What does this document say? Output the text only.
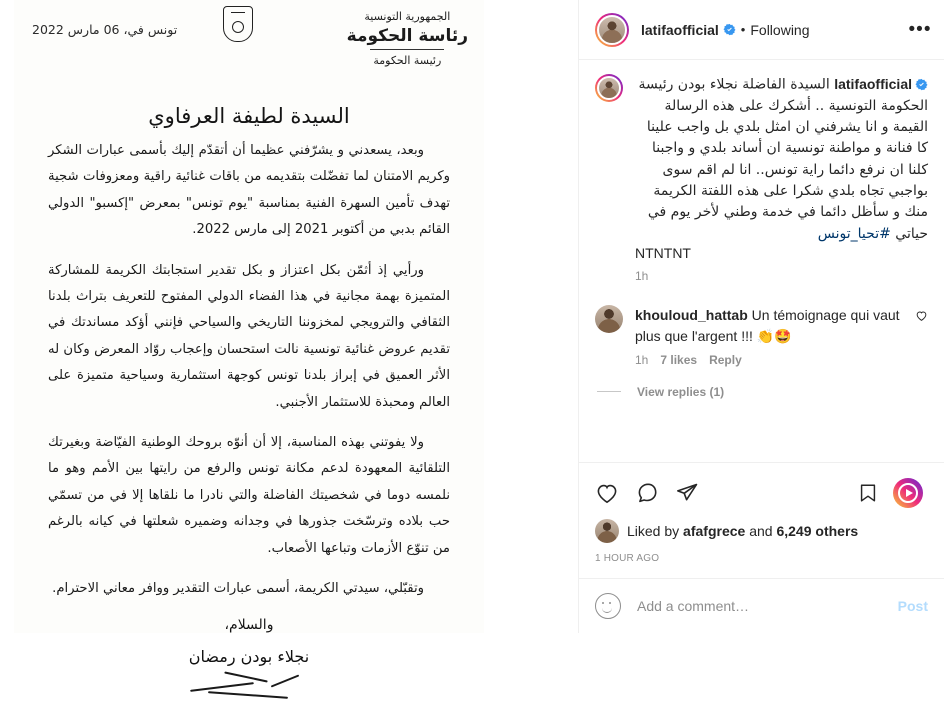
تونس في، 06 مارس 2022
الجمهورية التونسية
رئاسة الحكومة
رئيسة الحكومة
السيدة لطيفة العرفاوي

وبعد، يسعدني و يشرّفني عظيما أن أتقدّم إليك بأسمى عبارات الشكر وكريم الامتنان لما تفضّلت بتقديمه من باقات غنائية راقية ومعزوفات شجية تهدف تأمين السهرة الفنية بمناسبة "يوم تونس" بمعرض "إكسبو" الدولي القائم بدبي من أكتوبر 2021 إلى مارس 2022.

ورأيي إذ أثمّن بكل اعتزاز و بكل تقدير استجابتك الكريمة للمشاركة المتميزة بهمة مجانية في هذا الفضاء الدولي المفتوح للتعريف بتراث بلدنا الثقافي والترويجي لمخزوننا التاريخي والسياحي فإنني أؤكد مساندتك في تقديم عروض غنائية تونسية نالت استحسان وإعجاب روّاد المعرض وكان له الأثر العميق في إبراز بلدنا تونس كوجهة استثمارية وسياحية متميزة على العالم ومحبذة للاستثمار الأجنبي.

ولا يفوتني بهذه المناسبة، إلا أن أنوّه بروحك الوطنية الفيّاضة وبغيرتك التلقائية المعهودة لدعم مكانة تونس والرفع من رايتها بين الأمم وهو ما نلمسه دوما في شخصيتك الفاضلة والتي نادرا ما نلقاها إلا في من تسمّي حب بلاده وترسّخت جذورها في وجدانه وضميره شعلتها في كيانه بالرغم من تنوّع الأزمات وتباعها الأصعاب.

وتقبّلي، سيدتي الكريمة، أسمى عبارات التقدير ووافر معاني الاحترام.

والسلام،
نجلاء بودن رمضان
latifaofficial • Following	•••
latifaofficial
السيدة الفاضلة نجلاء بودن رئيسة الحكومة التونسية .. أشكرك على هذه الرسالة القيمة و انا يشرفني ان امثل بلدي بل واجب علينا كا فنانة و مواطنة تونسية ان أساند بلدي و واجبنا كلنا ان نرفع دائما راية تونس.. انا لم اقم سوى بواجبي تجاه بلدي شكرا على هذه اللفتة الكريمة منك و سأظل دائما في خدمة وطني لأخر يوم في حياتي #تحيا_تونس
NTNTNT
1h
khouloud_hattab Un témoignage qui vaut plus que l'argent !!! 👏🤩
1h 7 likes Reply
View replies (1)
Liked by
afafgrece
and
6,249
others
1 HOUR AGO
Add a comment…
Post
